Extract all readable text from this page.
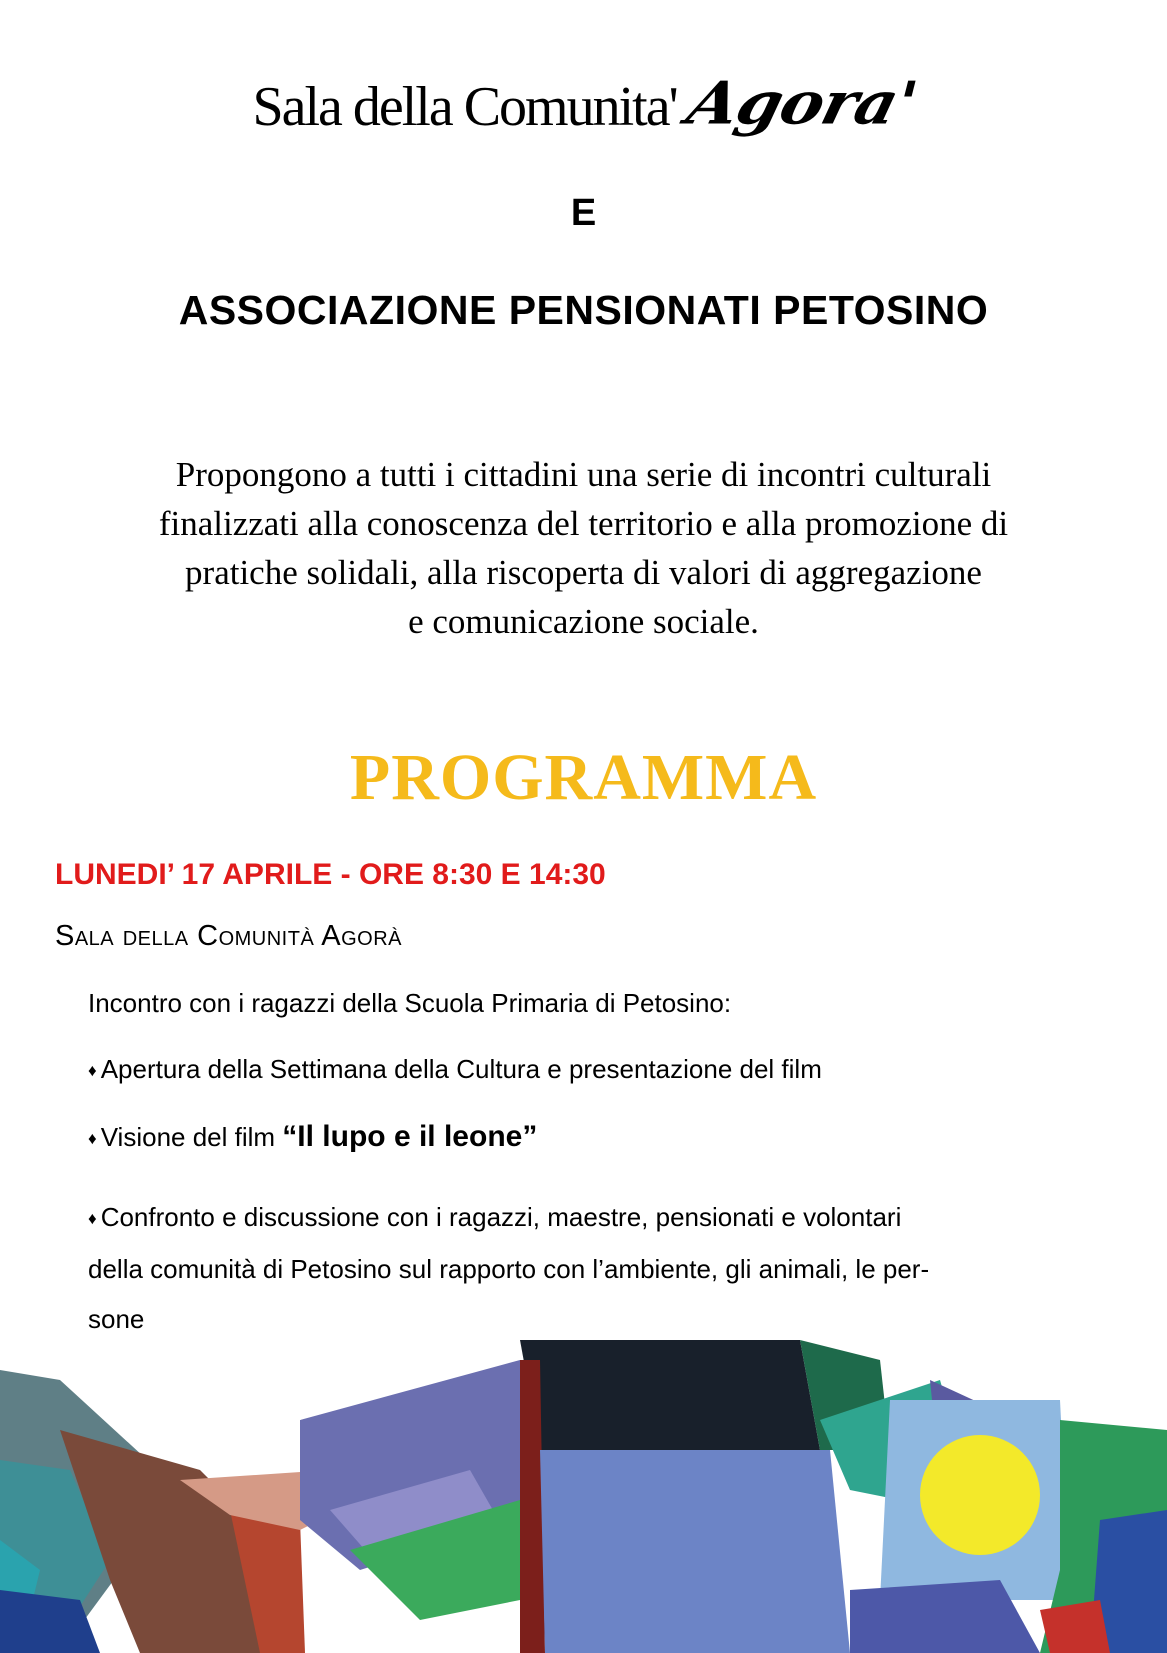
Sala della Comunita'Agora'
E
ASSOCIAZIONE PENSIONATI PETOSINO
Propongono a tutti i cittadini una serie di incontri culturali
finalizzati alla conoscenza del territorio e alla promozione di
pratiche solidali, alla riscoperta di valori di aggregazione
e comunicazione sociale.
PROGRAMMA
LUNEDI’ 17 APRILE - ORE 8:30 E 14:30
Sala della Comunità Agorà
Incontro con i ragazzi della Scuola Primaria di Petosino:
♦ Apertura della Settimana della Cultura e presentazione del film
♦ Visione del film “Il lupo e il leone”
♦ Confronto e discussione con i ragazzi, maestre, pensionati e volontari
della comunità di Petosino sul rapporto con l’ambiente, gli animali, le per-
sone
